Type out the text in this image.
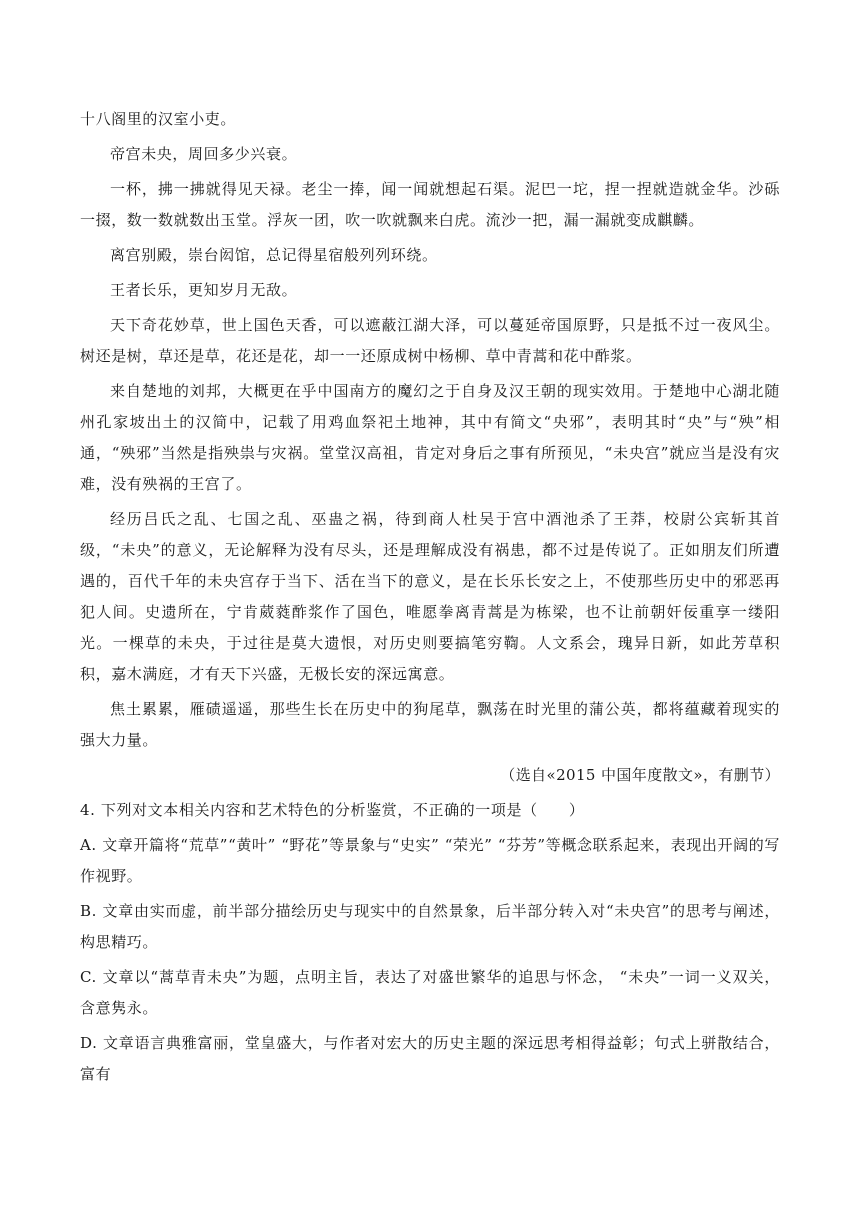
十八阁里的汉室小吏。

帝宫未央，周回多少兴衰。

一杯，拂一拂就得见天禄。老尘一捧，闻一闻就想起石渠。泥巴一坨，捏一捏就造就金华。沙砾一掇，数一数就数出玉堂。浮灰一团，吹一吹就飘来白虎。流沙一把，漏一漏就变成麒麟。

离宫别殿，崇台闳馆，总记得星宿般列列环绕。

王者长乐，更知岁月无敌。

天下奇花妙草，世上国色天香，可以遮蔽江湖大泽，可以蔓延帝国原野，只是抵不过一夜风尘。树还是树，草还是草，花还是花，却一一还原成树中杨柳、草中青蒿和花中酢浆。

来自楚地的刘邦，大概更在乎中国南方的魔幻之于自身及汉王朝的现实效用。于楚地中心湖北随州孔家坡出土的汉简中，记载了用鸡血祭祀土地神，其中有简文“央邪”，表明其时“央”与“殃”相通，“殃邪”当然是指殃祟与灾祸。堂堂汉高祖，肯定对身后之事有所预见，“未央宫”就应当是没有灾难，没有殃祸的王宫了。

经历吕氏之乱、七国之乱、巫蛊之祸，待到商人杜吴于宫中酒池杀了王莽，校尉公宾斩其首级，“未央”的意义，无论解释为没有尽头，还是理解成没有祸患，都不过是传说了。正如朋友们所遭遇的，百代千年的未央宫存于当下、活在当下的意义，是在长乐长安之上，不使那些历史中的邪恶再犯人间。史遗所在，宁肯葳蕤酢浆作了国色，唯愿拳离青蒿是为栋梁，也不让前朝奸佞重享一缕阳光。一棵草的未央，于过往是莫大遗恨，对历史则要搞笔穷鞫。人文系会，瑰异日新，如此芳草积积，嘉木满庭，才有天下兴盛，无极长安的深远寓意。

焦土累累，雁碛遥遥，那些生长在历史中的狗尾草，飘荡在时光里的蒲公英，都将蕴藏着现实的强大力量。

（选自«2015 中国年度散文»，有删节）
4. 下列对文本相关内容和艺术特色的分析鉴赏，不正确的一项是（　　）
A. 文章开篇将“荒草”“黄叶” “野花”等景象与“史实” “荣光” “芬芳”等概念联系起来，表现出开阔的写作视野。
B. 文章由实而虚，前半部分描绘历史与现实中的自然景象，后半部分转入对“未央宫”的思考与阐述，构思精巧。
C. 文章以“蒿草青未央”为题，点明主旨，表达了对盛世繁华的追思与怀念， “未央”一词一义双关，含意隽永。
D. 文章语言典雅富丽，堂皇盛大，与作者对宏大的历史主题的深远思考相得益彰；句式上骈散结合，富有
